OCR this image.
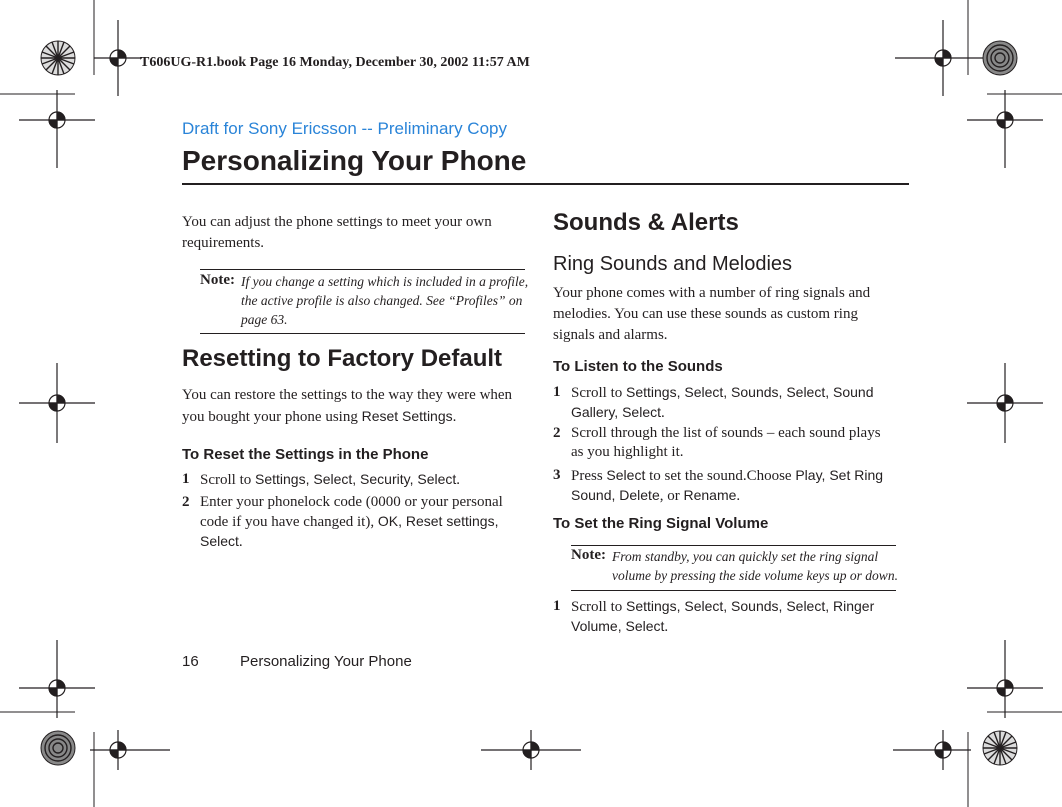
T606UG-R1.book Page 16 Monday, December 30, 2002 11:57 AM
Draft for Sony Ericsson -- Preliminary Copy
Personalizing Your Phone
You can adjust the phone settings to meet your own requirements.
Note: If you change a setting which is included in a profile,
the active profile is also changed. See “Profiles” on
page 63.
Resetting to Factory Default
You can restore the settings to the way they were when
you bought your phone using Reset Settings.
To Reset the Settings in the Phone
1 Scroll to Settings, Select, Security, Select.
2 Enter your phonelock code (0000 or your personal
code if you have changed it), OK, Reset settings,
Select.
Sounds & Alerts
Ring Sounds and Melodies
Your phone comes with a number of ring signals and
melodies. You can use these sounds as custom ring
signals and alarms.
To Listen to the Sounds
1 Scroll to Settings, Select, Sounds, Select, Sound
Gallery, Select.
2 Scroll through the list of sounds – each sound plays
as you highlight it.
3 Press Select to set the sound.Choose Play, Set Ring
Sound, Delete, or Rename.
To Set the Ring Signal Volume
Note: From standby, you can quickly set the ring signal
volume by pressing the side volume keys up or down.
1 Scroll to Settings, Select, Sounds, Select, Ringer
Volume, Select.
16	Personalizing Your Phone
